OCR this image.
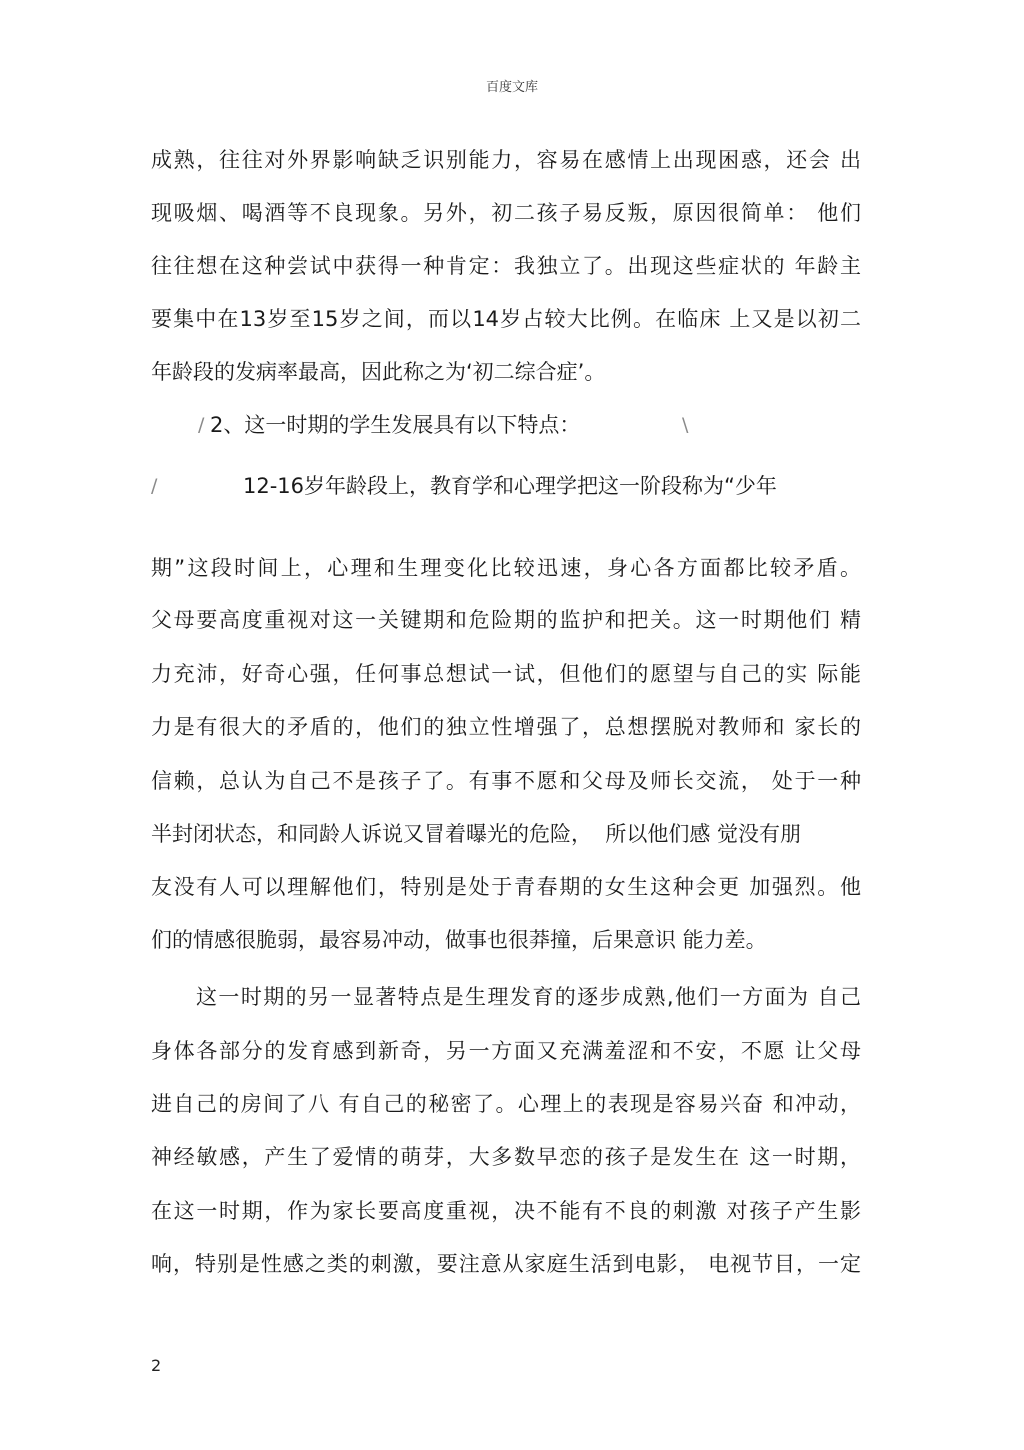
百度文库
成熟，往往对外界影响缺乏识别能力，容易在感情上出现困惑，还会 出
现吸烟、喝酒等不良现象。另外，初二孩子易反叛，原因很简单： 他们
往往想在这种尝试中获得一种肯定：我独立了。出现这些症状的 年龄主
要集中在13岁至15岁之间，而以14岁占较大比例。在临床 上又是以初二
年龄段的发病率最高，因此称之为‘初二综合症’。
/ 2、这一时期的学生发展具有以下特点：	\
/	12-16岁年龄段上，教育学和心理学把这一阶段称为“少年
期”这段时间上，心理和生理变化比较迅速，身心各方面都比较矛盾。
父母要高度重视对这一关键期和危险期的监护和把关。这一时期他们 精
力充沛，好奇心强，任何事总想试一试，但他们的愿望与自己的实 际能
力是有很大的矛盾的，他们的独立性增强了，总想摆脱对教师和 家长的
信赖，总认为自己不是孩子了。有事不愿和父母及师长交流， 处于一种
半封闭状态，和同龄人诉说又冒着曝光的危险，  所以他们感 觉没有朋
友没有人可以理解他们，特别是处于青春期的女生这种会更 加强烈。他
们的情感很脆弱，最容易冲动，做事也很莽撞，后果意识 能力差。
这一时期的另一显著特点是生理发育的逐步成熟,他们一方面为 自己
身体各部分的发育感到新奇，另一方面又充满羞涩和不安，不愿 让父母
进自己的房间了八 有自己的秘密了。心理上的表现是容易兴奋 和冲动，
神经敏感，产生了爱情的萌芽，大多数早恋的孩子是发生在 这一时期，
在这一时期，作为家长要高度重视，决不能有不良的刺激 对孩子产生影
响，特别是性感之类的刺激，要注意从家庭生活到电影， 电视节目，一定
2
